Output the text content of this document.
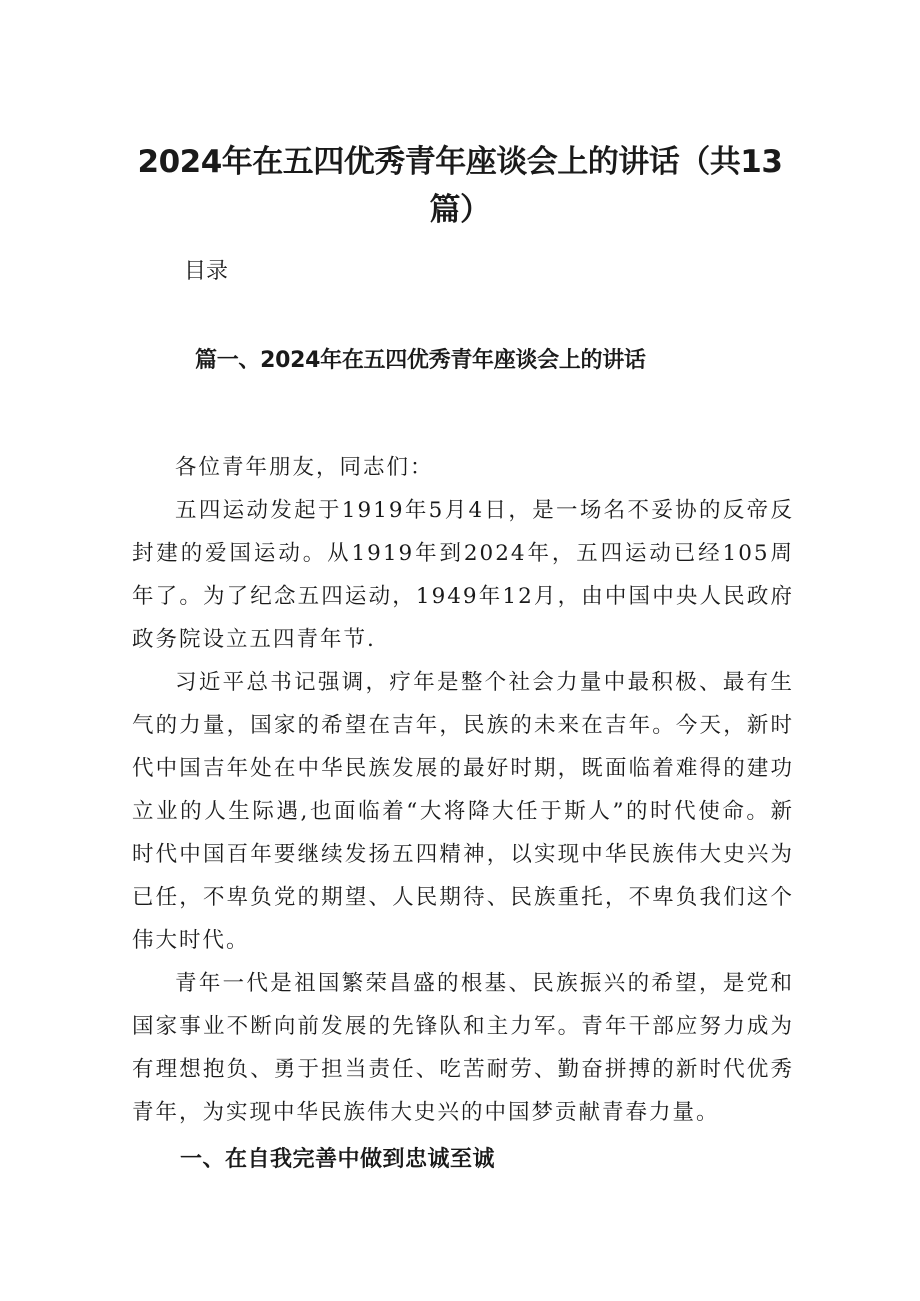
2024年在五四优秀青年座谈会上的讲话（共13篇）
目录
篇一、2024年在五四优秀青年座谈会上的讲话

各位青年朋友，同志们：

五四运动发起于1919年5月4日，是一场名不妥协的反帝反封建的爱国运动。从1919年到2024年，五四运动已经105周年了。为了纪念五四运动，1949年12月，由中国中央人民政府政务院设立五四青年节.

习近平总书记强调，疗年是整个社会力量中最积极、最有生气的力量，国家的希望在吉年，民族的未来在吉年。今天，新时代中国吉年处在中华民族发展的最好时期，既面临着难得的建功立业的人生际遇,也面临着“大将降大任于斯人”的时代使命。新时代中国百年要继续发扬五四精神，以实现中华民族伟大史兴为已任，不卑负党的期望、人民期待、民族重托，不卑负我们这个伟大时代。

青年一代是祖国繁荣昌盛的根基、民族振兴的希望，是党和国家事业不断向前发展的先锋队和主力军。青年干部应努力成为有理想抱负、勇于担当责任、吃苦耐劳、勤奋拼搏的新时代优秀青年，为实现中华民族伟大史兴的中国梦贡献青春力量。

一、在自我完善中做到忠诚至诚
